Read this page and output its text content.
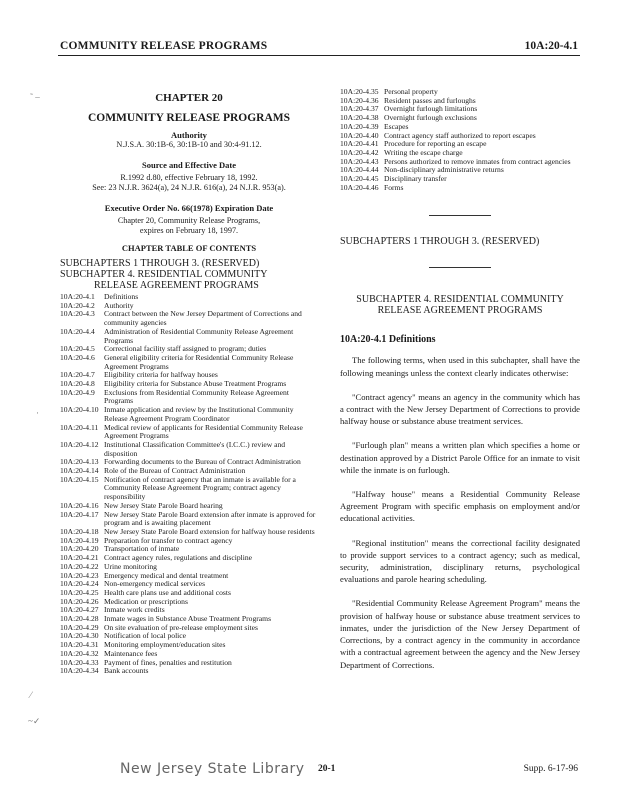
COMMUNITY RELEASE PROGRAMS	10A:20-4.1
˜ –
·
⁄
~✓
CHAPTER 20
COMMUNITY RELEASE PROGRAMS
Authority
N.J.S.A. 30:1B-6, 30:1B-10 and 30:4-91.12.
Source and Effective Date
R.1992 d.80, effective February 18, 1992.
See: 23 N.J.R. 3624(a), 24 N.J.R. 616(a), 24 N.J.R. 953(a).
Executive Order No. 66(1978) Expiration Date
Chapter 20, Community Release Programs,
expires on February 18, 1997.
CHAPTER TABLE OF CONTENTS
SUBCHAPTERS 1 THROUGH 3. (RESERVED)
SUBCHAPTER 4. RESIDENTIAL COMMUNITY
RELEASE AGREEMENT PROGRAMS
10A:20-4.1	Definitions
10A:20-4.2	Authority
10A:20-4.3	Contract between the New Jersey Department of Corrections and community agencies
10A:20-4.4	Administration of Residential Community Release Agreement Programs
10A:20-4.5	Correctional facility staff assigned to program; duties
10A:20-4.6	General eligibility criteria for Residential Community Release Agreement Programs
10A:20-4.7	Eligibility criteria for halfway houses
10A:20-4.8	Eligibility criteria for Substance Abuse Treatment Programs
10A:20-4.9	Exclusions from Residential Community Release Agreement Programs
10A:20-4.10 Inmate application and review by the Institutional Community Release Agreement Program Coordinator
10A:20-4.11 Medical review of applicants for Residential Community Release Agreement Programs
10A:20-4.12 Institutional Classification Committee's (I.C.C.) review and disposition
10A:20-4.13 Forwarding documents to the Bureau of Contract Administration
10A:20-4.14 Role of the Bureau of Contract Administration
10A:20-4.15 Notification of contract agency that an inmate is available for a Community Release Agreement Program; contract agency responsibility
10A:20-4.16 New Jersey State Parole Board hearing
10A:20-4.17 New Jersey State Parole Board extension after inmate is approved for program and is awaiting placement
10A:20-4.18 New Jersey State Parole Board extension for halfway house residents
10A:20-4.19 Preparation for transfer to contract agency
10A:20-4.20 Transportation of inmate
10A:20-4.21 Contract agency rules, regulations and discipline
10A:20-4.22 Urine monitoring
10A:20-4.23 Emergency medical and dental treatment
10A:20-4.24 Non-emergency medical services
10A:20-4.25 Health care plans use and additional costs
10A:20-4.26 Medication or prescriptions
10A:20-4.27 Inmate work credits
10A:20-4.28 Inmate wages in Substance Abuse Treatment Programs
10A:20-4.29 On site evaluation of pre-release employment sites
10A:20-4.30 Notification of local police
10A:20-4.31 Monitoring employment/education sites
10A:20-4.32 Maintenance fees
10A:20-4.33 Payment of fines, penalties and restitution
10A:20-4.34 Bank accounts
10A:20-4.35 Personal property
10A:20-4.36 Resident passes and furloughs
10A:20-4.37 Overnight furlough limitations
10A:20-4.38 Overnight furlough exclusions
10A:20-4.39 Escapes
10A:20-4.40 Contract agency staff authorized to report escapes
10A:20-4.41 Procedure for reporting an escape
10A:20-4.42 Writing the escape charge
10A:20-4.43 Persons authorized to remove inmates from contract agencies
10A:20-4.44 Non-disciplinary administrative returns
10A:20-4.45 Disciplinary transfer
10A:20-4.46 Forms
SUBCHAPTERS 1 THROUGH 3. (RESERVED)
SUBCHAPTER 4. RESIDENTIAL COMMUNITY
RELEASE AGREEMENT PROGRAMS
10A:20-4.1 Definitions

The following terms, when used in this subchapter, shall have the following meanings unless the context clearly indicates otherwise:

"Contract agency" means an agency in the community which has a contract with the New Jersey Department of Corrections to provide halfway house or substance abuse treatment services.

"Furlough plan" means a written plan which specifies a home or destination approved by a District Parole Office for an inmate to visit while the inmate is on furlough.

"Halfway house" means a Residential Community Release Agreement Program with specific emphasis on employment and/or educational activities.

"Regional institution" means the correctional facility designated to provide support services to a contract agency; such as medical, security, administration, disciplinary returns, psychological evaluations and parole hearing scheduling.

"Residential Community Release Agreement Program" means the provision of halfway house or substance abuse treatment services to inmates, under the jurisdiction of the New Jersey Department of Corrections, by a contract agency in the community in accordance with a contractual agreement between the agency and the New Jersey Department of Corrections.

New Jersey State Library 20-1	Supp. 6-17-96
